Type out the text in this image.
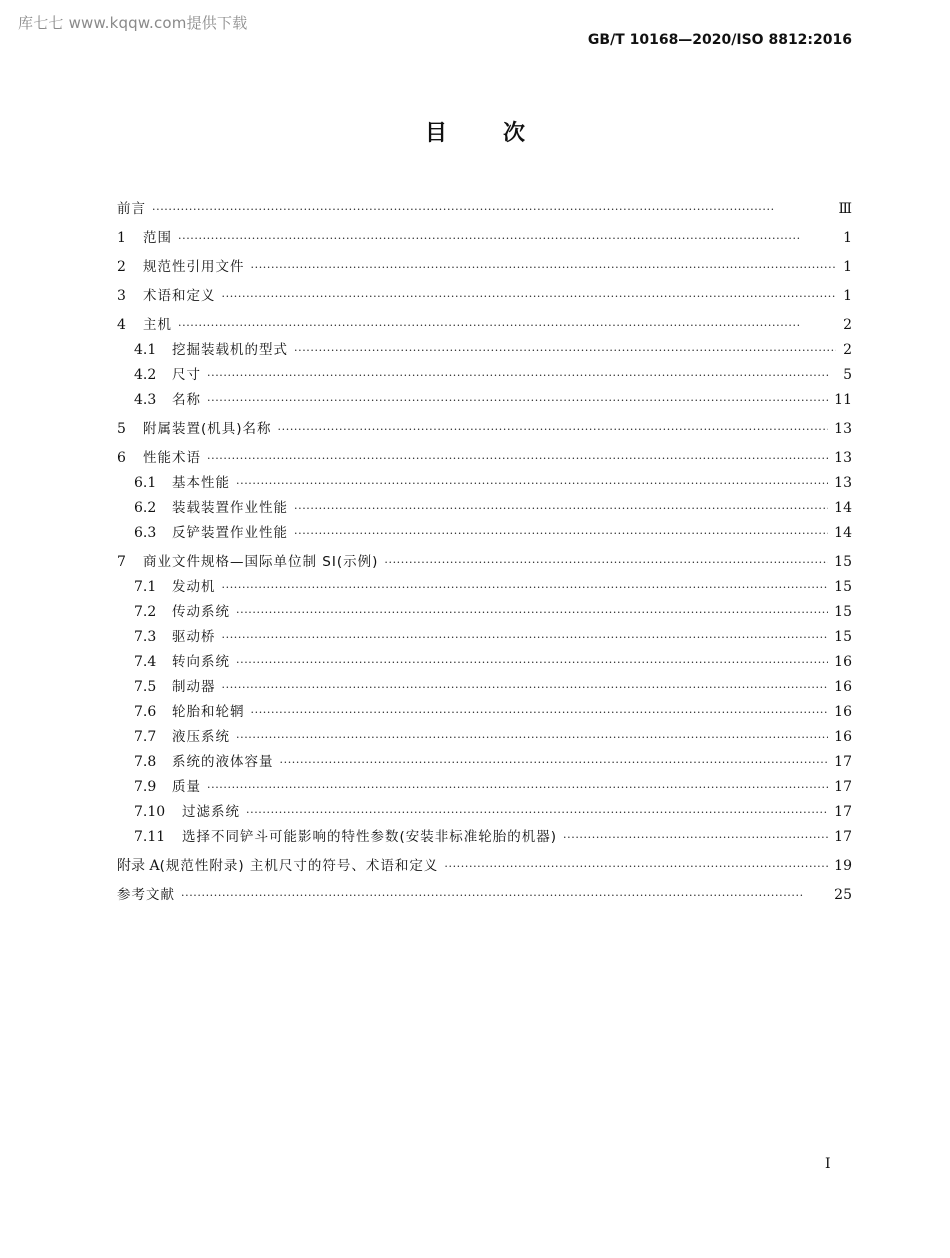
库七七 www.kqqw.com提供下载
GB/T 10168—2020/ISO 8812:2016
目次
前言 ·····	Ⅲ
1	范围 ·····	1
2	规范性引用文件 ·····	1
3	术语和定义 ·····	1
4	主机 ·····	2
4.1	挖掘装载机的型式 ·····	2
4.2	尺寸 ·····	5
4.3	名称 ·····	11
5	附属装置(机具)名称 ·····	13
6	性能术语 ·····	13
6.1	基本性能 ·····	13
6.2	装载装置作业性能 ·····	14
6.3	反铲装置作业性能 ·····	14
7	商业文件规格—国际单位制 SI(示例) ·····	15
7.1	发动机 ·····	15
7.2	传动系统 ·····	15
7.3	驱动桥 ·····	15
7.4	转向系统 ·····	16
7.5	制动器 ·····	16
7.6	轮胎和轮辋 ·····	16
7.7	液压系统 ·····	16
7.8	系统的液体容量 ·····	17
7.9	质量 ·····	17
7.10	过滤系统 ·····	17
7.11	选择不同铲斗可能影响的特性参数(安装非标准轮胎的机器) ·····	17
附录 A (规范性附录) 主机尺寸的符号、术语和定义 ·····	19
参考文献 ·····	25
I
